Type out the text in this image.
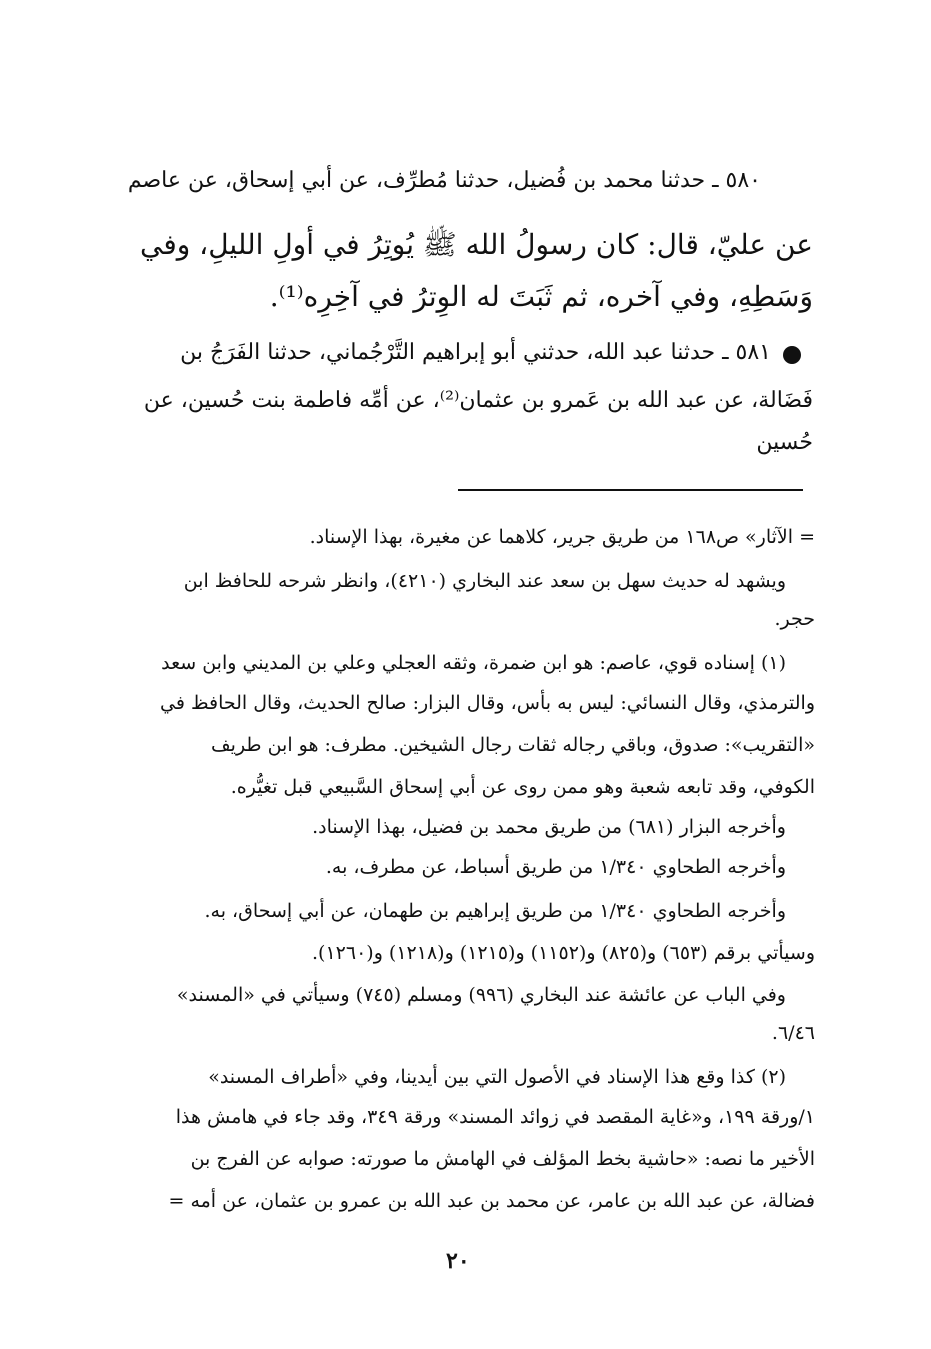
٥٨٠ ـ حدثنا محمد بن فُضيل، حدثنا مُطرِّف، عن أبي إسحاق، عن عاصم
عن عليّ، قال: كان رسولُ الله ﷺ يُوتِرُ في أولِ الليلِ، وفي
وَسَطِهِ، وفي آخره، ثم ثَبَتَ له الوِترُ في آخِرِه⁽¹⁾.
٥٨١ ـ حدثنا عبد الله، حدثني أبو إبراهيم التَّرْجُماني، حدثنا الفَرَجُ بن
فَضَالة، عن عبد الله بن عَمرو بن عثمان⁽²⁾، عن أمِّه فاطمة بنت حُسين، عن
حُسين
= الآثار» ص١٦٨ من طريق جرير، كلاهما عن مغيرة، بهذا الإسناد.
ويشهد له حديث سهل بن سعد عند البخاري (٤٢١٠)، وانظر شرحه للحافظ ابن
حجر.
(١) إسناده قوي، عاصم: هو ابن ضمرة، وثقه العجلي وعلي بن المديني وابن سعد
والترمذي، وقال النسائي: ليس به بأس، وقال البزار: صالح الحديث، وقال الحافظ في
«التقريب»: صدوق، وباقي رجاله ثقات رجال الشيخين. مطرف: هو ابن طريف
الكوفي، وقد تابعه شعبة وهو ممن روى عن أبي إسحاق السَّبيعي قبل تغيُّره.
وأخرجه البزار (٦٨١) من طريق محمد بن فضيل، بهذا الإسناد.
وأخرجه الطحاوي ١/٣٤٠ من طريق أسباط، عن مطرف، به.
وأخرجه الطحاوي ١/٣٤٠ من طريق إبراهيم بن طهمان، عن أبي إسحاق، به.
وسيأتي برقم (٦٥٣) و(٨٢٥) و(١١٥٢) و(١٢١٥) و(١٢١٨) و(١٢٦٠).
وفي الباب عن عائشة عند البخاري (٩٩٦) ومسلم (٧٤٥) وسيأتي في «المسند»
٦/٤٦.
(٢) كذا وقع هذا الإسناد في الأصول التي بين أيدينا، وفي «أطراف المسند»
١/ورقة ١٩٩، و«غاية المقصد في زوائد المسند» ورقة ٣٤٩، وقد جاء في هامش هذا
الأخير ما نصه: «حاشية بخط المؤلف في الهامش ما صورته: صوابه عن الفرج بن
فضالة، عن عبد الله بن عامر، عن محمد بن عبد الله بن عمرو بن عثمان، عن أمه =
٢٠
